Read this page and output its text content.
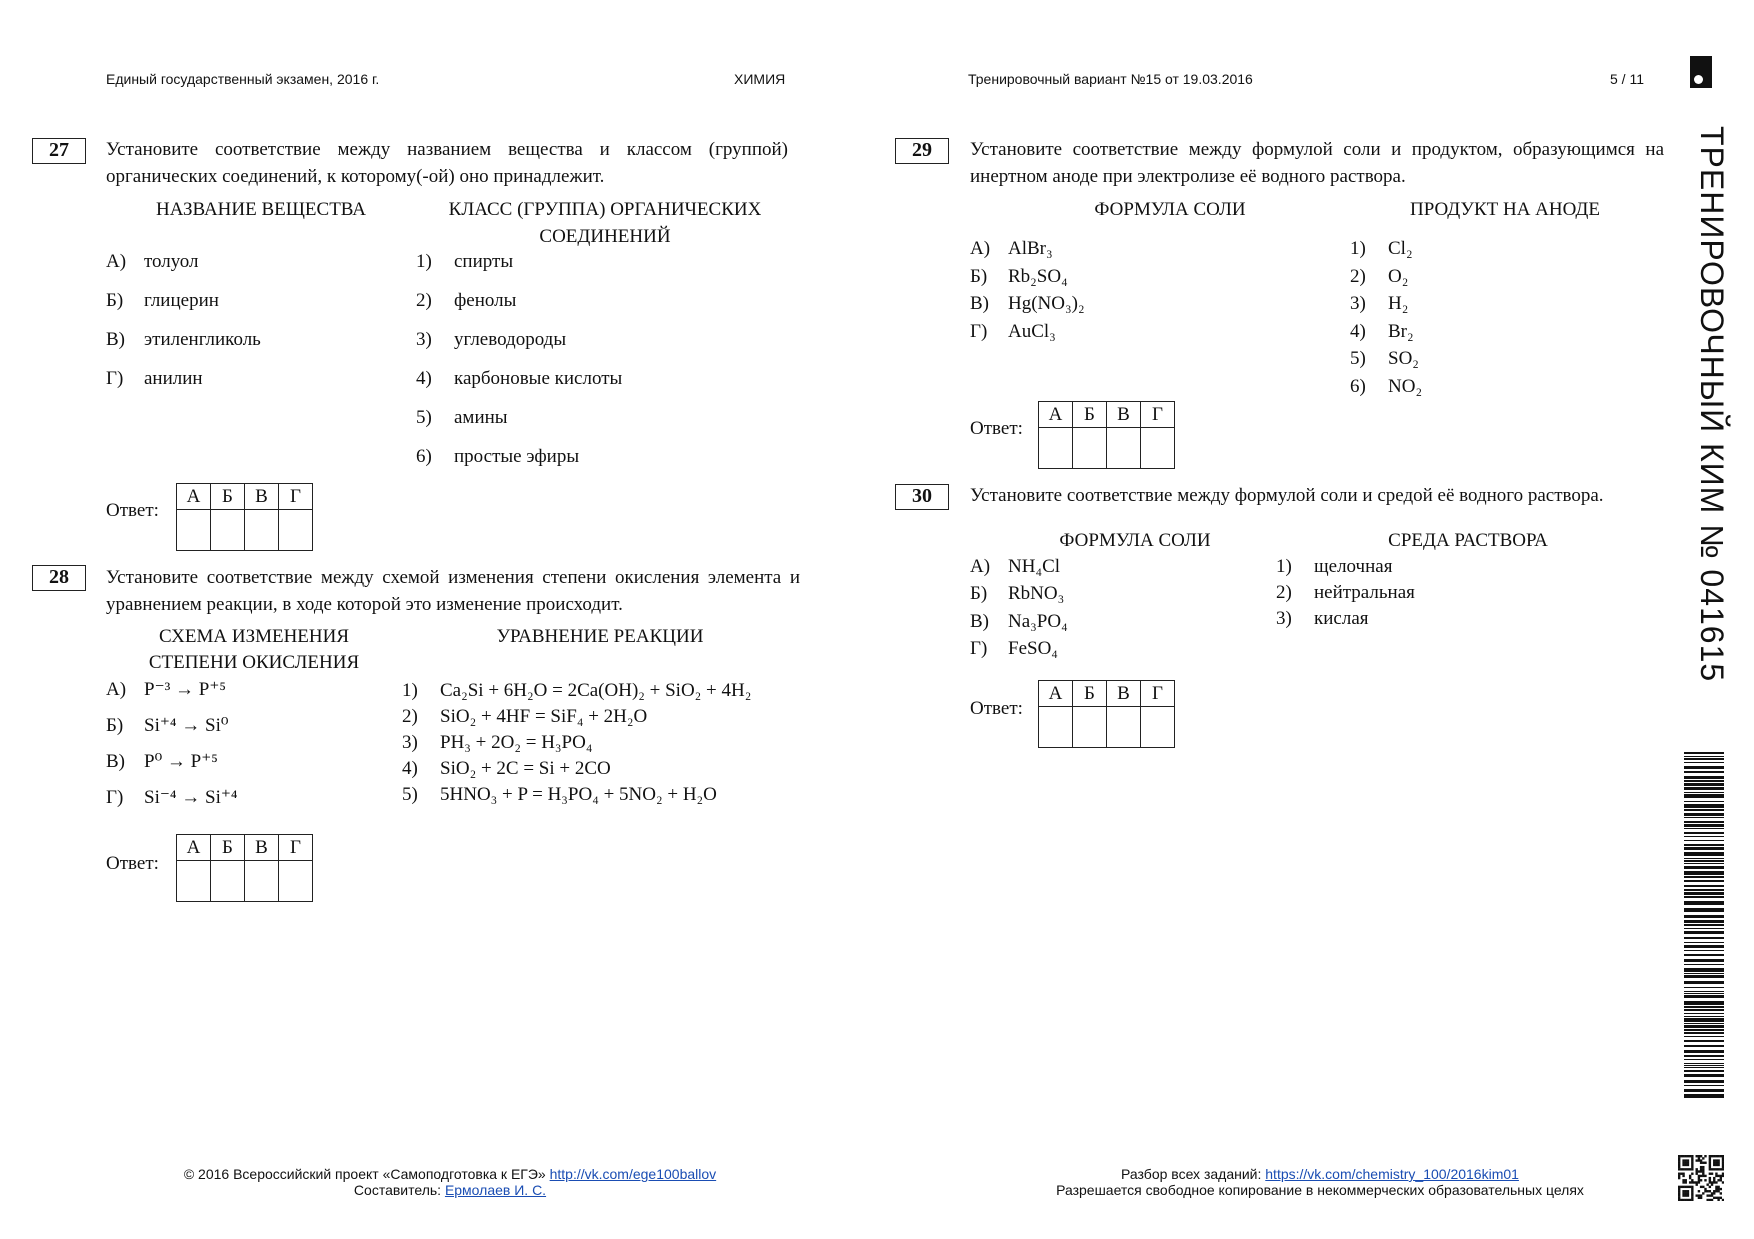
Единый государственный экзамен, 2016 г.	ХИМИЯ	Тренировочный вариант №15 от 19.03.2016	5 / 11
ТРЕНИРОВОЧНЫЙ КИМ № 041615
27	Установите соответствие между названием вещества и классом (группой) органических соединений, к которому(-ой) оно принадлежит.
НАЗВАНИЕ ВЕЩЕСТВА	КЛАСС (ГРУППА) ОРГАНИЧЕСКИХ СОЕДИНЕНИЙ
А) толуол
Б) глицерин
В) этиленгликоль
Г) анилин
1) спирты
2) фенолы
3) углеводороды
4) карбоновые кислоты
5) амины
6) простые эфиры
Ответ:
А	Б	В	Г

28	Установите соответствие между схемой изменения степени окисления элемента и уравнением реакции, в ходе которой это изменение происходит.
СХЕМА ИЗМЕНЕНИЯ
СТЕПЕНИ ОКИСЛЕНИЯ
УРАВНЕНИЕ РЕАКЦИИ
А) P⁻³ → P⁺⁵
Б) Si⁺⁴ → Si⁰
В) P⁰ → P⁺⁵
Г) Si⁻⁴ → Si⁺⁴
1) Ca₂Si + 6H₂O = 2Ca(OH)₂ + SiO₂ + 4H₂
2) SiO₂ + 4HF = SiF₄ + 2H₂O
3) PH₃ + 2O₂ = H₃PO₄
4) SiO₂ + 2C = Si + 2CO
5) 5HNO₃ + P = H₃PO₄ + 5NO₂ + H₂O
Ответ:
А	Б	В	Г

29	Установите соответствие между формулой соли и продуктом, образующимся на инертном аноде при электролизе её водного раствора.
ФОРМУЛА СОЛИ	ПРОДУКТ НА АНОДЕ
А) AlBr₃
Б) Rb₂SO₄
В) Hg(NO₃)₂
Г) AuCl₃
1) Cl₂
2) O₂
3) H₂
4) Br₂
5) SO₂
6) NO₂
Ответ:
А	Б	В	Г

30	Установите соответствие между формулой соли и средой её водного раствора.
ФОРМУЛА СОЛИ	СРЕДА РАСТВОРА
А) NH₄Cl
Б) RbNO₃
В) Na₃PO₄
Г) FeSO₄
1) щелочная
2) нейтральная
3) кислая
Ответ:
А	Б	В	Г

© 2016 Всероссийский проект «Самоподготовка к ЕГЭ» http://vk.com/ege100ballov
Составитель: Ермолаев И. С.
Разбор всех заданий: https://vk.com/chemistry_100/2016kim01
Разрешается свободное копирование в некоммерческих образовательных целях
